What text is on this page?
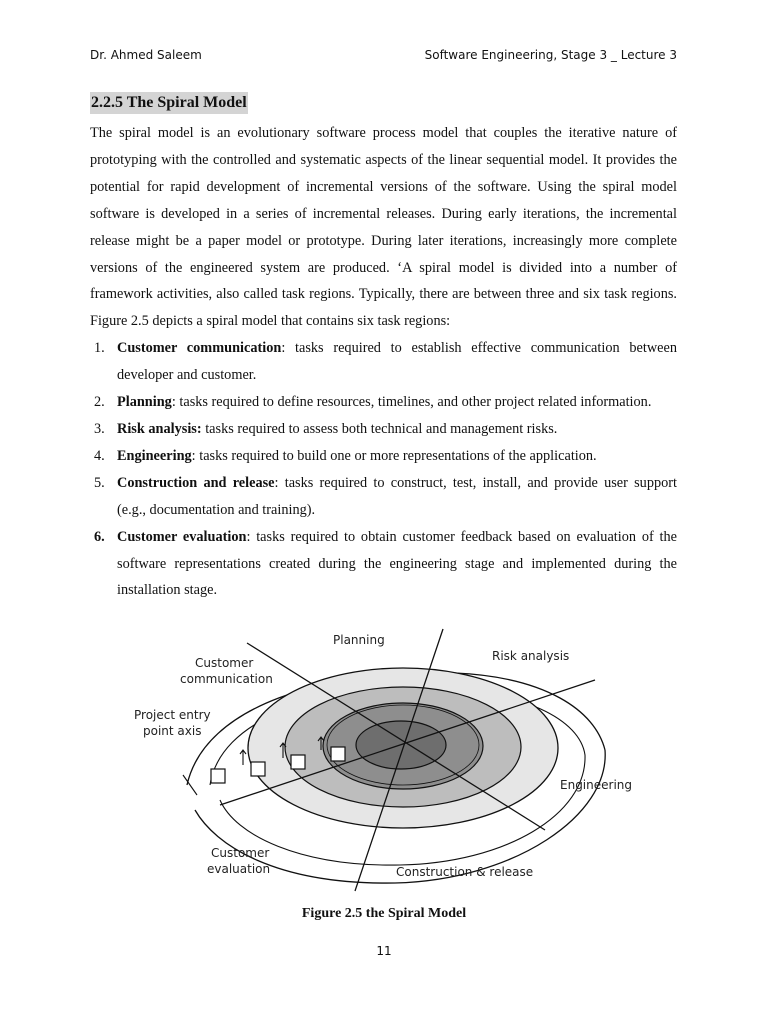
Dr. Ahmed Saleem	Software Engineering, Stage 3 _ Lecture 3
2.2.5 The Spiral Model

The spiral model is an evolutionary software process model that couples the iterative nature of prototyping with the controlled and systematic aspects of the linear sequential model. It provides the potential for rapid development of incremental versions of the software. Using the spiral model software is developed in a series of incremental releases. During early iterations, the incremental release might be a paper model or prototype. During later iterations, increasingly more complete versions of the engineered system are produced. ‘A spiral model is divided into a number of framework activities, also called task regions. Typically, there are between three and six task regions. Figure 2.5 depicts a spiral model that contains six task regions:

1. Customer communication: tasks required to establish effective communication between developer and customer.
2. Planning: tasks required to define resources, timelines, and other project related information.
3. Risk analysis: tasks required to assess both technical and management risks.
4. Engineering: tasks required to build one or more representations of the application.
5. Construction and release: tasks required to construct, test, install, and provide user support (e.g., documentation and training).
6. Customer evaluation: tasks required to obtain customer feedback based on evaluation of the software representations created during the engineering stage and implemented during the installation stage.
Planning
Risk analysis
Customer
communication
Project entry
point axis
Engineering
Customer
evaluation	Construction & release
Figure 2.5 the Spiral Model
11
